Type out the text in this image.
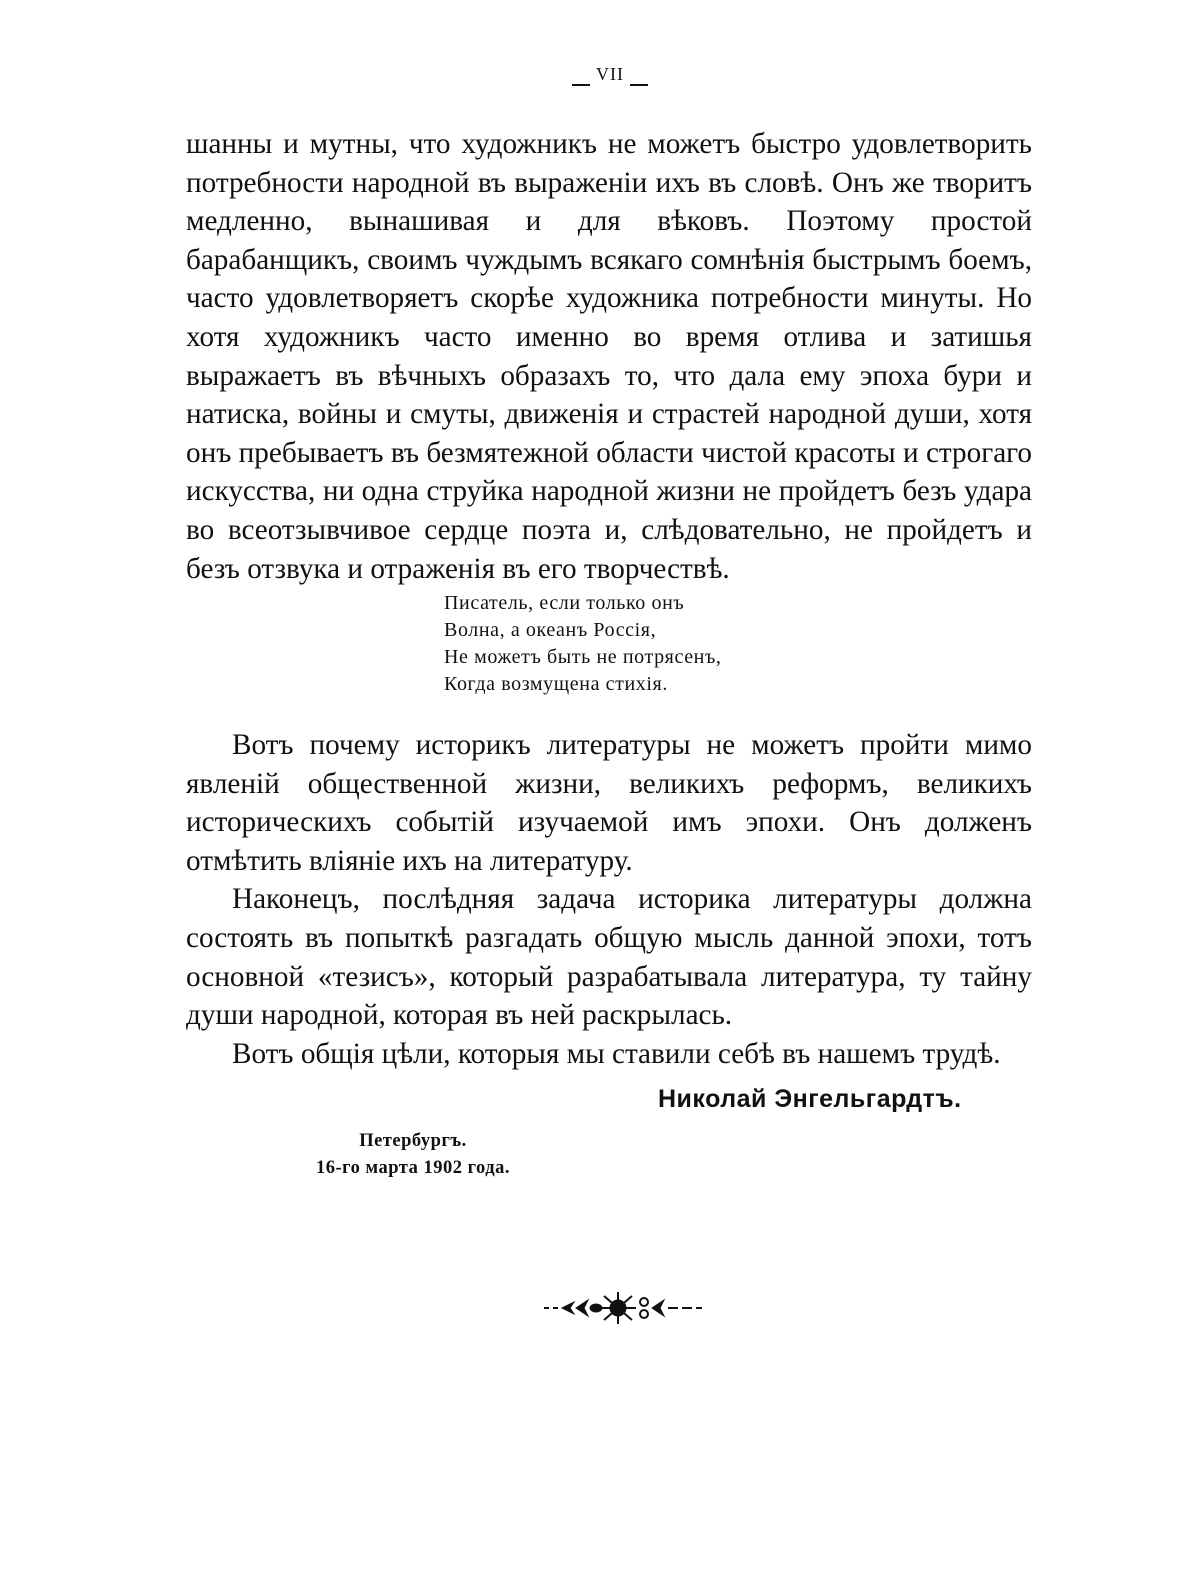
VII

шанны и мутны, что художникъ не можетъ быстро удовлетворить потребности народной въ выраженіи ихъ въ словѣ. Онъ же творитъ медленно, вынашивая и для вѣковъ. Поэтому простой барабанщикъ, своимъ чуждымъ всякаго сомнѣнія быстрымъ боемъ, часто удовлетворяетъ скорѣе художника потребности минуты. Но хотя художникъ часто именно во время отлива и затишья выражаетъ въ вѣчныхъ образахъ то, что дала ему эпоха бури и натиска, войны и смуты, движенія и страстей народной души, хотя онъ пребываетъ въ безмятежной области чистой красоты и строгаго искусства, ни одна струйка народной жизни не пройдетъ безъ удара во всеотзывчивое сердце поэта и, слѣдовательно, не пройдетъ и безъ отзвука и отраженія въ его творчествѣ.

Писатель, если только онъ
Волна, а океанъ Россія,
Не можетъ быть не потрясенъ,
Когда возмущена стихія.

Вотъ почему историкъ литературы не можетъ пройти мимо явленій общественной жизни, великихъ реформъ, великихъ историческихъ событій изучаемой имъ эпохи. Онъ долженъ отмѣтить вліяніе ихъ на литературу.

Наконецъ, послѣдняя задача историка литературы должна состоять въ попыткѣ разгадать общую мысль данной эпохи, тотъ основной «тезисъ», который разрабатывала литература, ту тайну души народной, которая въ ней раскрылась.

Вотъ общія цѣли, которыя мы ставили себѣ въ нашемъ трудѣ.

Николай Энгельгардтъ.
Петербургъ.
16-го марта 1902 года.
